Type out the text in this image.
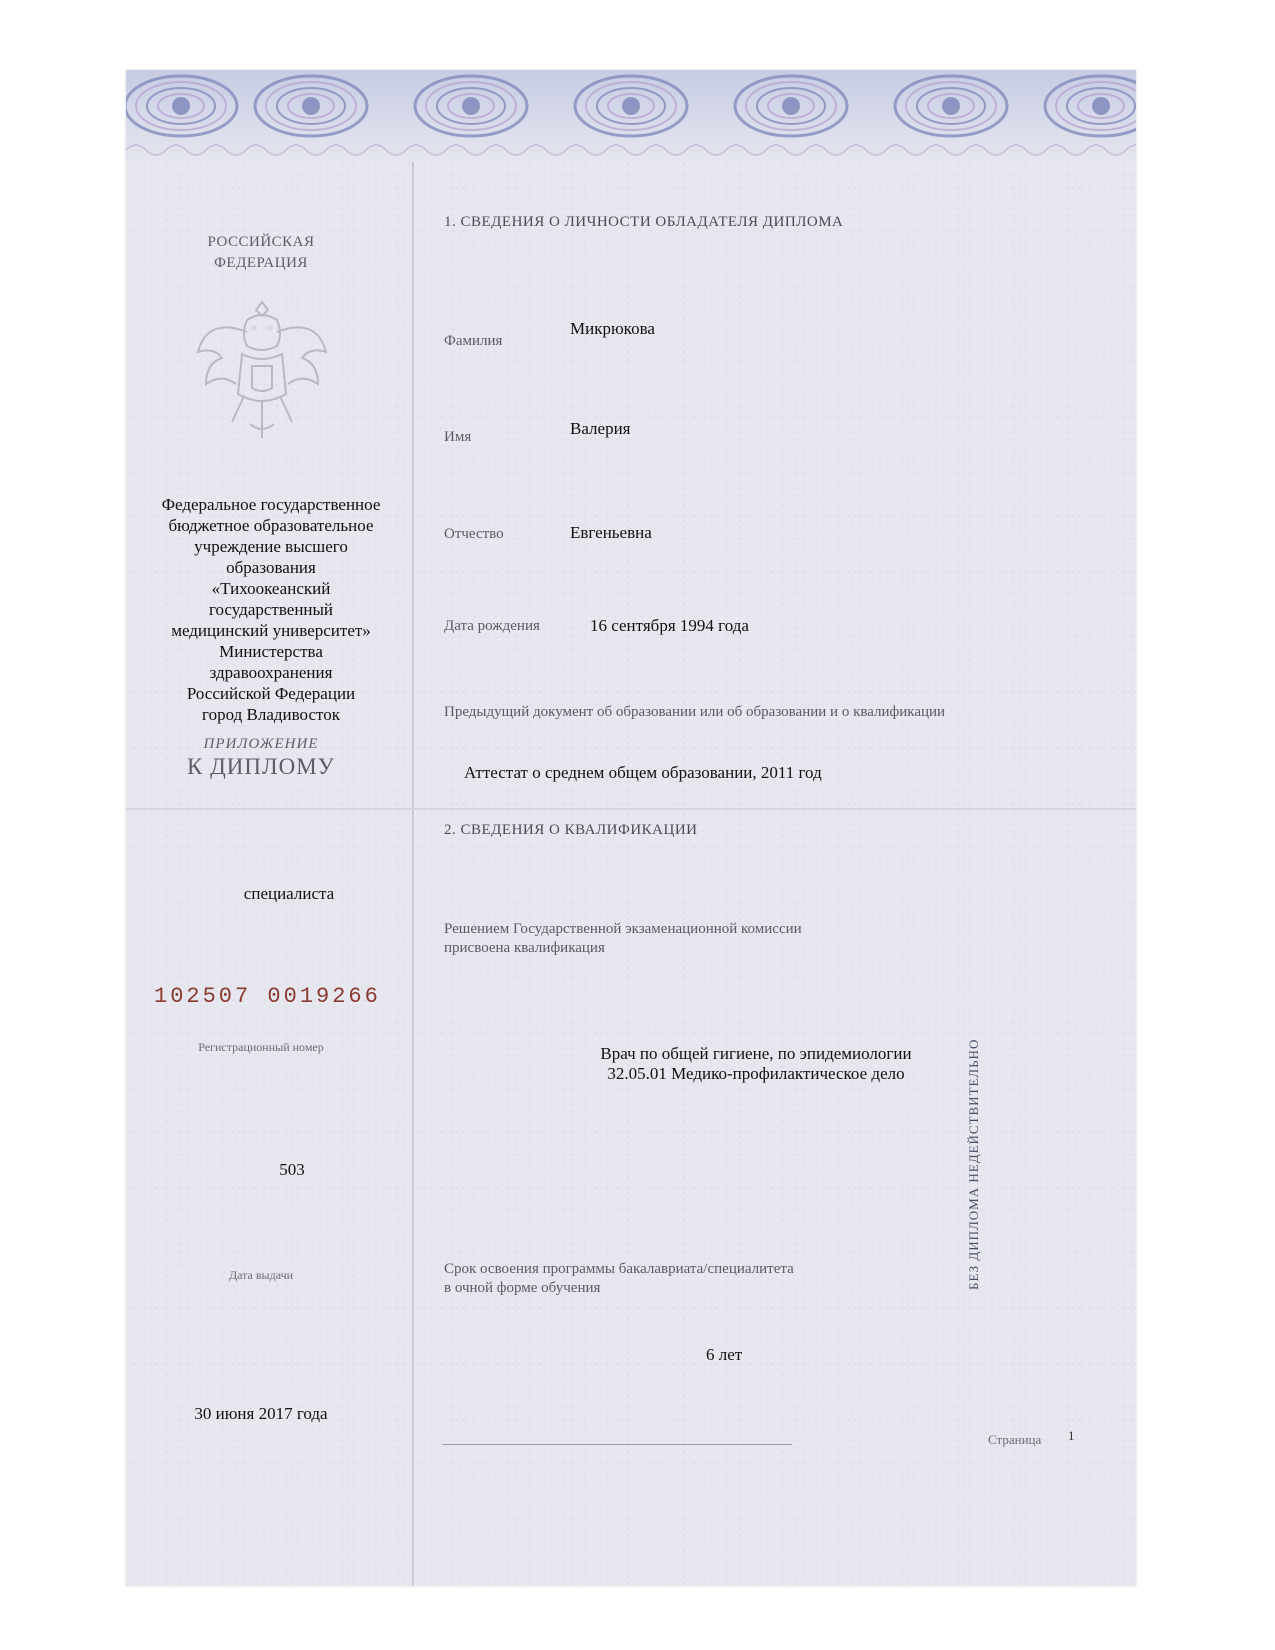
РОССИЙСКАЯ
ФЕДЕРАЦИЯ
Федеральное государственное
бюджетное образовательное
учреждение высшего
образования
«Тихоокеанский
государственный
медицинский университет»
Министерства
здравоохранения
Российской Федерации
город Владивосток
ПРИЛОЖЕНИЕ
К ДИПЛОМУ
специалиста
102507 0019266
Регистрационный номер
503
Дата выдачи
30 июня 2017 года
1. СВЕДЕНИЯ О ЛИЧНОСТИ ОБЛАДАТЕЛЯ ДИПЛОМА
Фамилия
Микрюкова
Имя	Валерия
Отчество	Евгеньевна
Дата рождения	16 сентября 1994 года
Предыдущий документ об образовании или об образовании и о квалификации
Аттестат о среднем общем образовании, 2011 год
2. СВЕДЕНИЯ О КВАЛИФИКАЦИИ
Решением Государственной экзаменационной комиссии
присвоена квалификация
Врач по общей гигиене, по эпидемиологии
32.05.01 Медико-профилактическое дело
Срок освоения программы бакалавриата/специалитета
в очной форме обучения
6 лет
Страница 1
БЕЗ ДИПЛОМА НЕДЕЙСТВИТЕЛЬНО
